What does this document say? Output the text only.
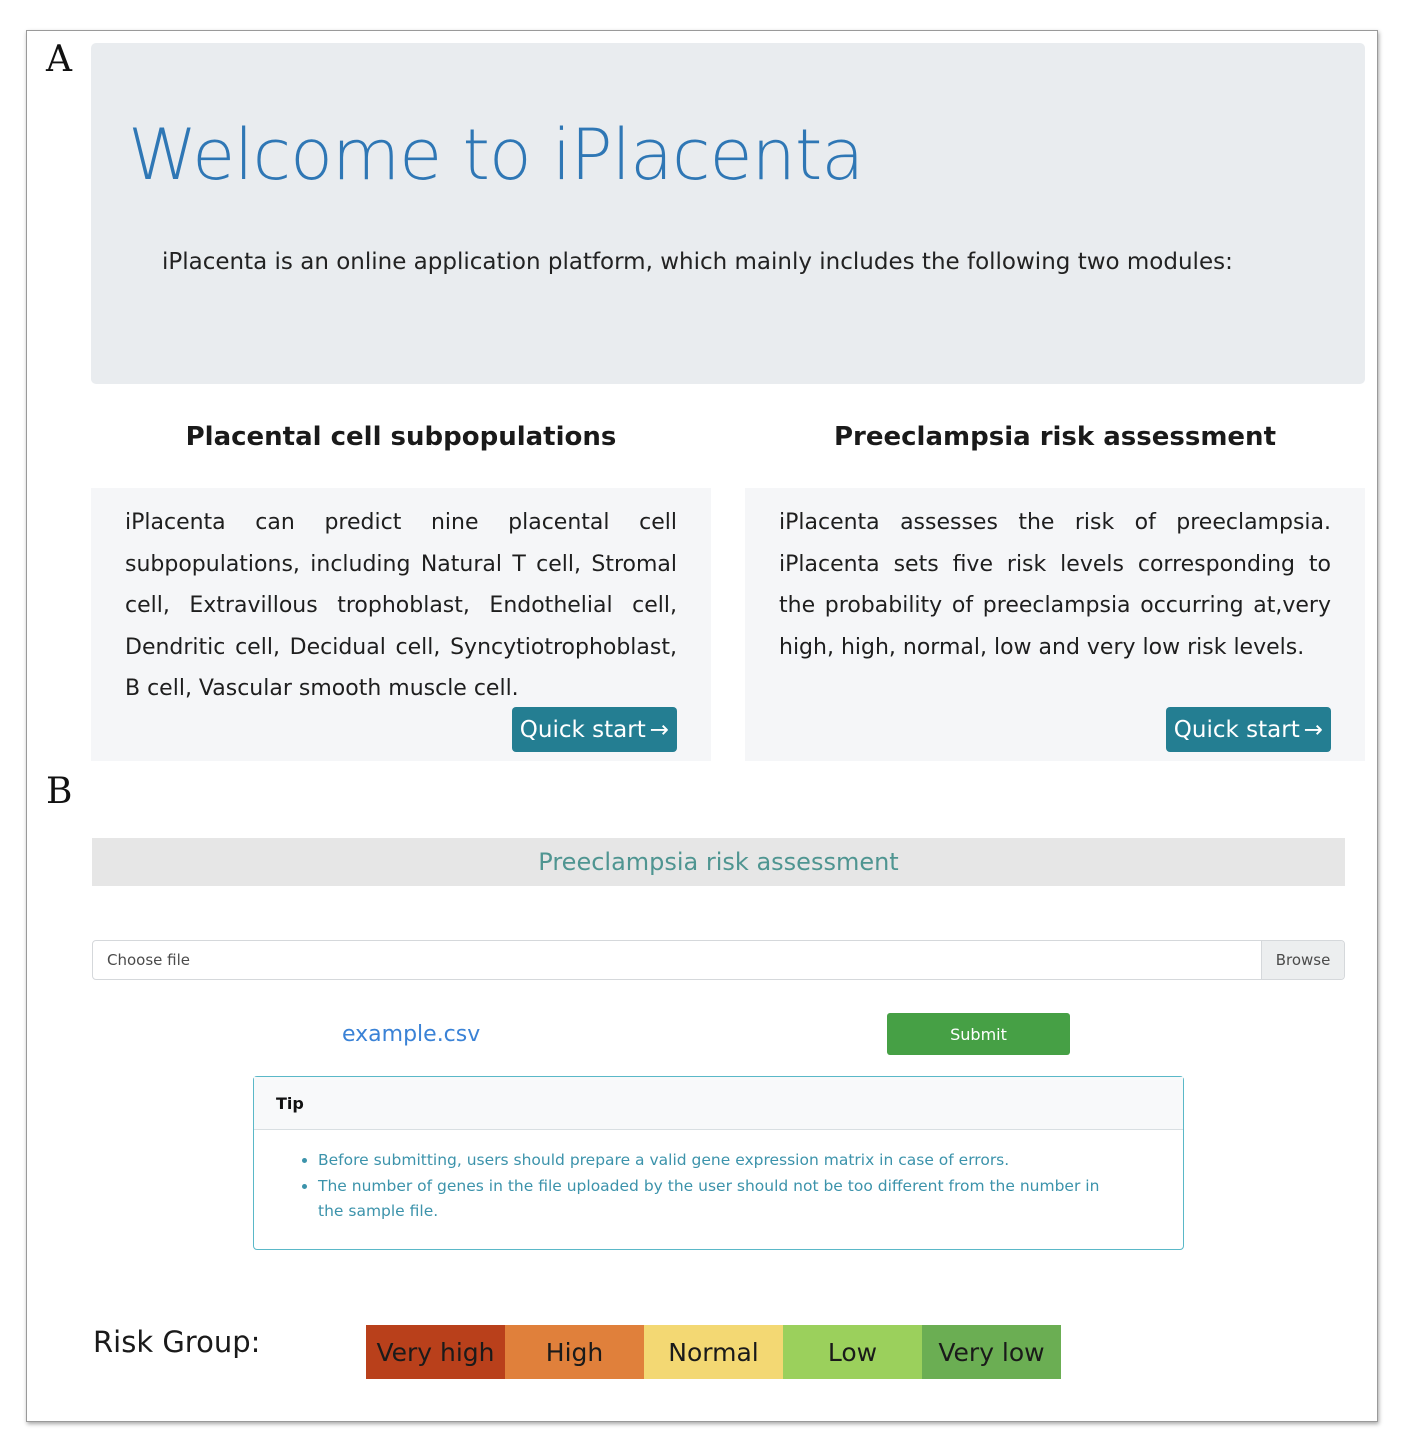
A
B
Welcome to iPlacenta

iPlacenta is an online application platform, which mainly includes the following two modules:

Placental cell subpopulations	Preeclampsia risk assessment

iPlacenta can predict nine placental cell subpopulations, including Natural T cell, Stromal cell, Extravillous trophoblast, Endothelial cell, Dendritic cell, Decidual cell, Syncytiotrophoblast, B cell, Vascular smooth muscle cell.

Quick start →

iPlacenta assesses the risk of preeclampsia. iPlacenta sets five risk levels corresponding to the probability of preeclampsia occurring at,very high, high, normal, low and very low risk levels.

Quick start →
Preeclampsia risk assessment
Choose file	Browse
example.csv	Submit
Tip
• Before submitting, users should prepare a valid gene expression matrix in case of errors.
• The number of genes in the file uploaded by the user should not be too different from the number in the sample file.

Risk Group:	Very high	High	Normal	Low	Very low
